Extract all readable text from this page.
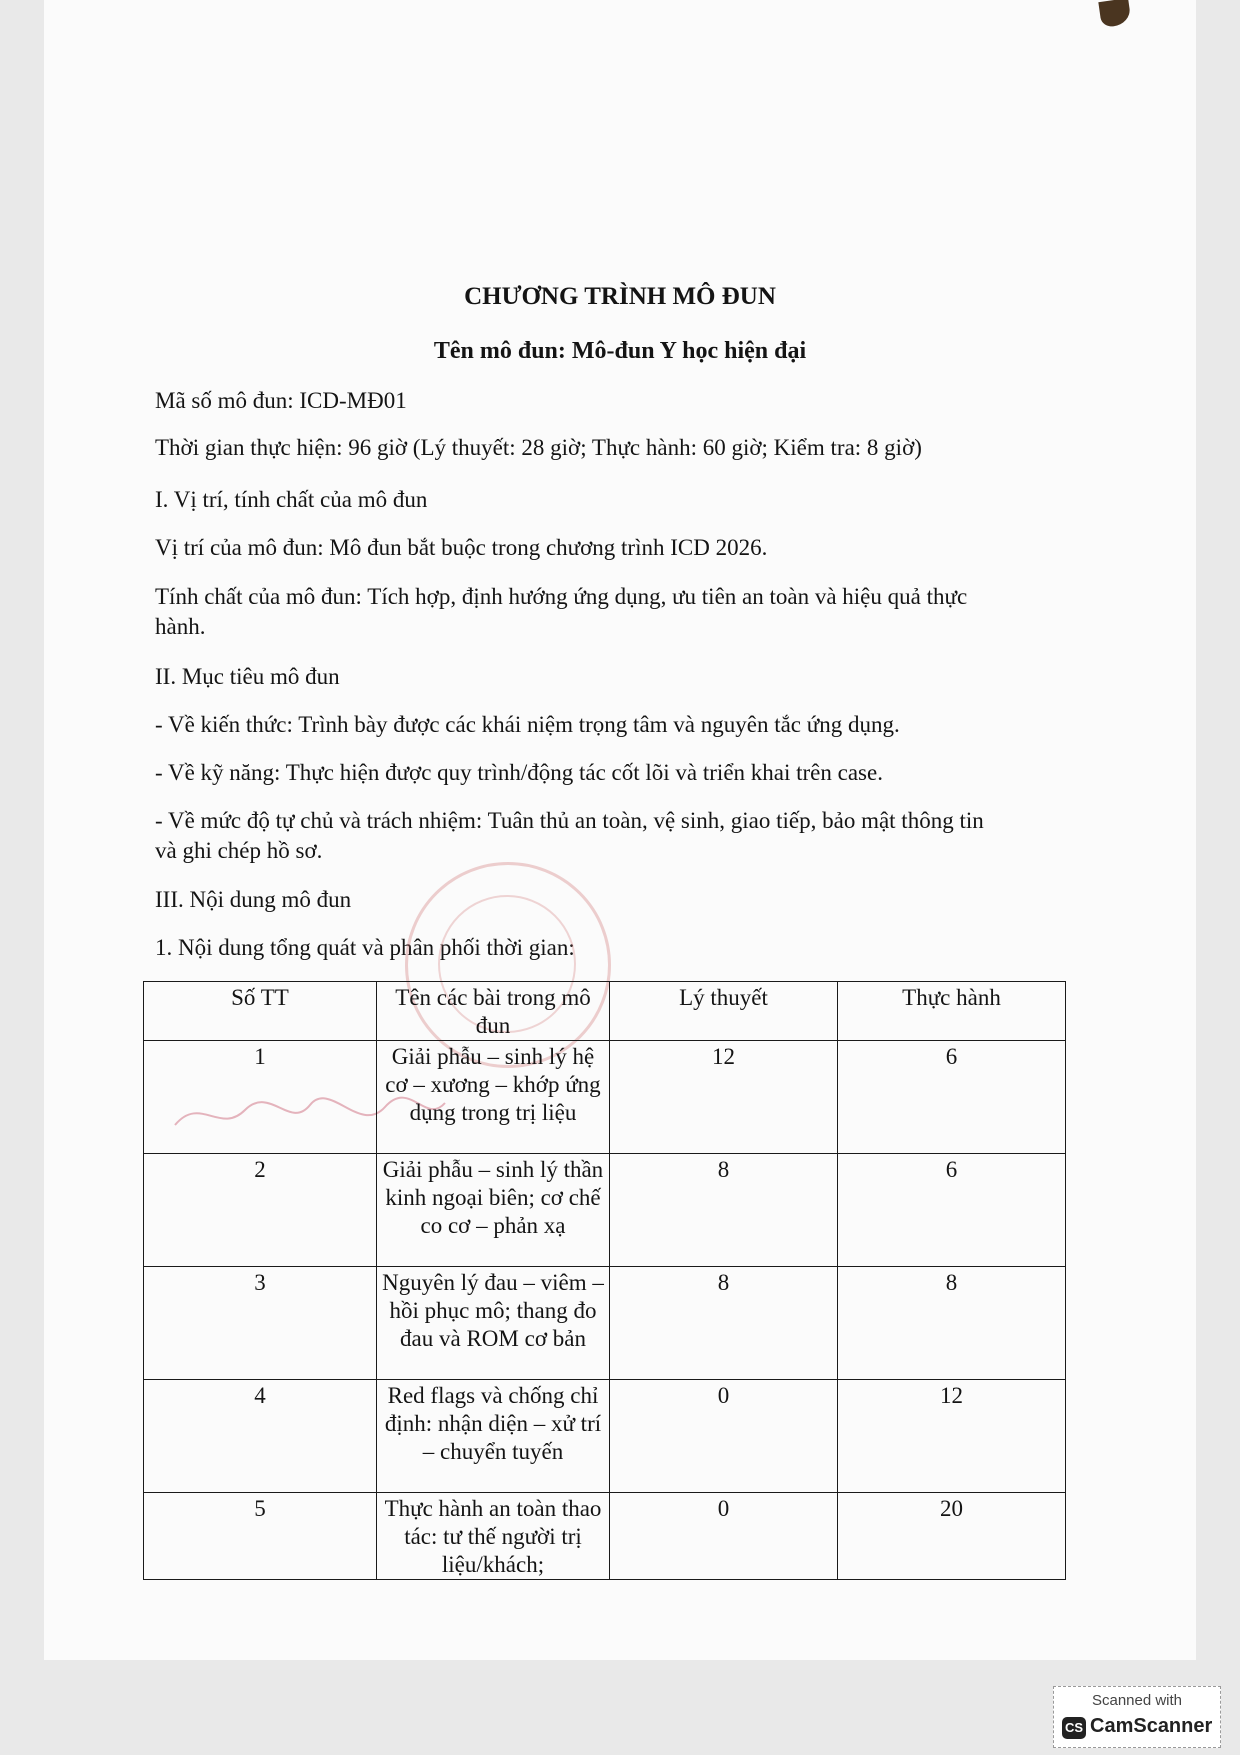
CHƯƠNG TRÌNH MÔ ĐUN
Tên mô đun: Mô-đun Y học hiện đại
Mã số mô đun: ICD-MĐ01
Thời gian thực hiện: 96 giờ (Lý thuyết: 28 giờ; Thực hành: 60 giờ; Kiểm tra: 8 giờ)
I. Vị trí, tính chất của mô đun
Vị trí của mô đun: Mô đun bắt buộc trong chương trình ICD 2026.
Tính chất của mô đun: Tích hợp, định hướng ứng dụng, ưu tiên an toàn và hiệu quả thực
hành.
II. Mục tiêu mô đun
- Về kiến thức: Trình bày được các khái niệm trọng tâm và nguyên tắc ứng dụng.
- Về kỹ năng: Thực hiện được quy trình/động tác cốt lõi và triển khai trên case.
- Về mức độ tự chủ và trách nhiệm: Tuân thủ an toàn, vệ sinh, giao tiếp, bảo mật thông tin
và ghi chép hồ sơ.
III. Nội dung mô đun
1. Nội dung tổng quát và phân phối thời gian:
Số TT	Tên các bài trong mô đun	Lý thuyết	Thực hành
1	Giải phẫu – sinh lý hệ cơ – xương – khớp ứng dụng trong trị liệu	12	6
2	Giải phẫu – sinh lý thần kinh ngoại biên; cơ chế co cơ – phản xạ	8	6
3	Nguyên lý đau – viêm – hồi phục mô; thang đo đau và ROM cơ bản	8	8
4	Red flags và chống chỉ định: nhận diện – xử trí – chuyển tuyến	0	12
5	Thực hành an toàn thao tác: tư thế người trị liệu/khách;	0	20
Scanned with
CS CamScanner
